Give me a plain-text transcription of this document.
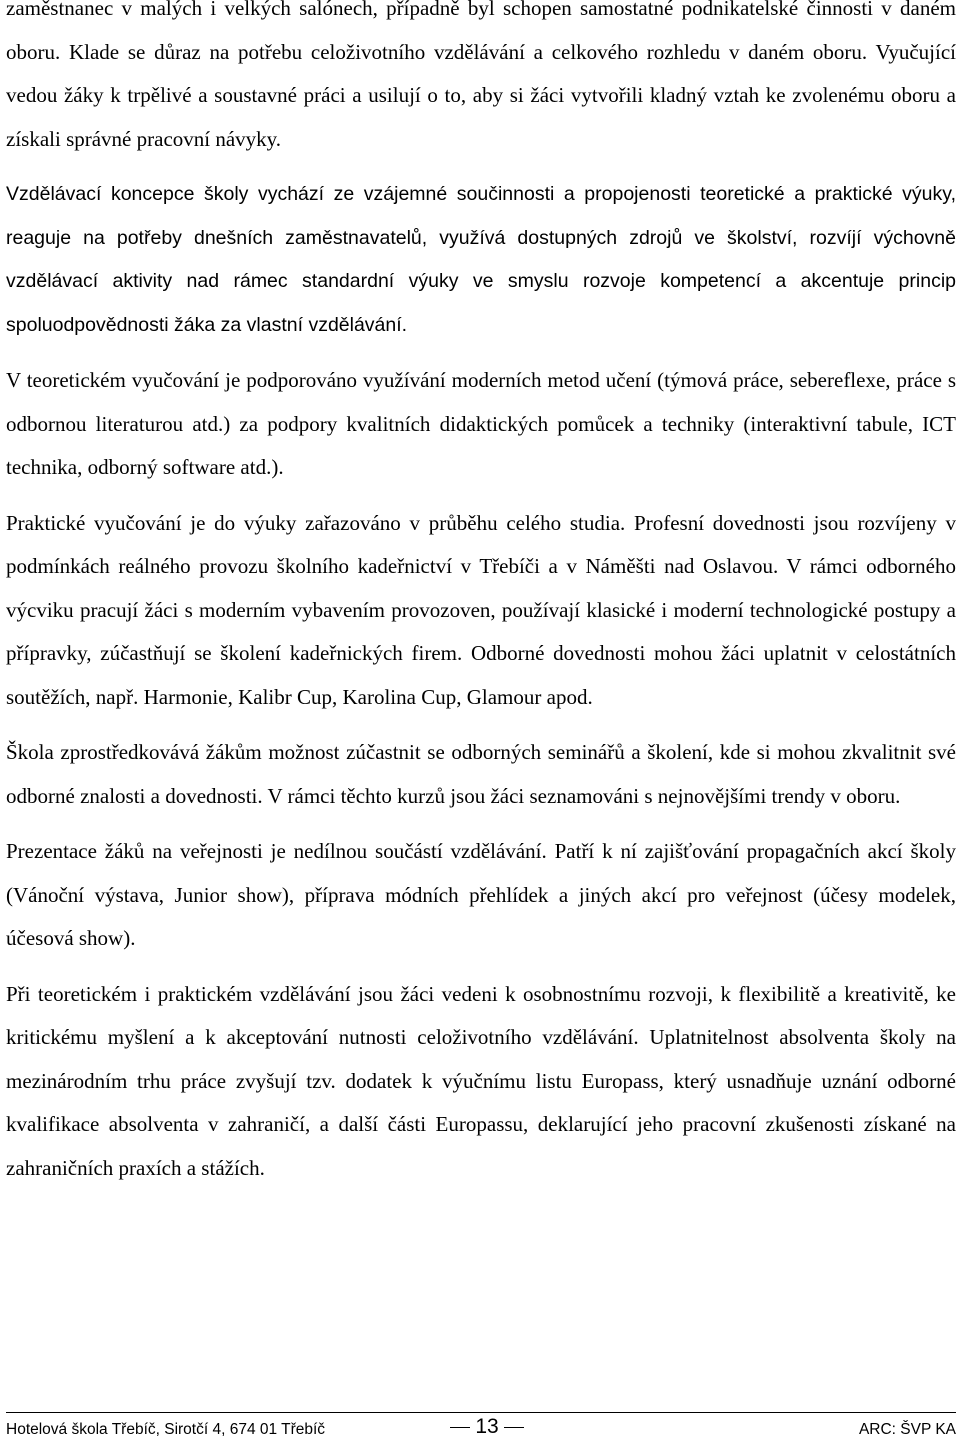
zaměstnanec v malých i velkých salónech, případně byl schopen samostatné podnikatelské činnosti v daném oboru. Klade se důraz na potřebu celoživotního vzdělávání a celkového rozhledu v daném oboru. Vyučující vedou žáky k trpělivé a soustavné práci a usilují o to, aby si žáci vytvořili kladný vztah ke zvolenému oboru a získali správné pracovní návyky.

Vzdělávací koncepce školy vychází ze vzájemné součinnosti a propojenosti teoretické a praktické výuky, reaguje na potřeby dnešních zaměstnavatelů, využívá dostupných zdrojů ve školství, rozvíjí výchovně vzdělávací aktivity nad rámec standardní výuky ve smyslu rozvoje kompetencí a akcentuje princip spoluodpovědnosti žáka za vlastní vzdělávání.

V teoretickém vyučování je podporováno využívání moderních metod učení (týmová práce, sebereflexe, práce s odbornou literaturou atd.) za podpory kvalitních didaktických pomůcek a techniky (interaktivní tabule, ICT technika, odborný software atd.).

Praktické vyučování je do výuky zařazováno v průběhu celého studia. Profesní dovednosti jsou rozvíjeny v podmínkách reálného provozu školního kadeřnictví v Třebíči a v Náměšti nad Oslavou. V rámci odborného výcviku pracují žáci s moderním vybavením provozoven, používají klasické i moderní technologické postupy a přípravky, zúčastňují se školení kadeřnických firem. Odborné dovednosti mohou žáci uplatnit v celostátních soutěžích, např. Harmonie, Kalibr Cup, Karolina Cup, Glamour apod.

Škola zprostředkovává žákům možnost zúčastnit se odborných seminářů a školení, kde si mohou zkvalitnit své odborné znalosti a dovednosti. V rámci těchto kurzů jsou žáci seznamováni s nejnovějšími trendy v oboru.

Prezentace žáků na veřejnosti je nedílnou součástí vzdělávání. Patří k ní zajišťování propagačních akcí školy (Vánoční výstava, Junior show), příprava módních přehlídek a jiných akcí pro veřejnost (účesy modelek, účesová show).

Při teoretickém i praktickém vzdělávání jsou žáci vedeni k osobnostnímu rozvoji, k flexibilitě a kreativitě, ke kritickému myšlení a k akceptování nutnosti celoživotního vzdělávání. Uplatnitelnost absolventa školy na mezinárodním trhu práce zvyšují tzv. dodatek k výučnímu listu Europass, který usnadňuje uznání odborné kvalifikace absolventa v zahraničí, a další části Europassu, deklarující jeho pracovní zkušenosti získané na zahraničních praxích a stážích.

Hotelová škola Třebíč, Sirotčí 4, 674 01 Třebíč	13	ARC: ŠVP KA
